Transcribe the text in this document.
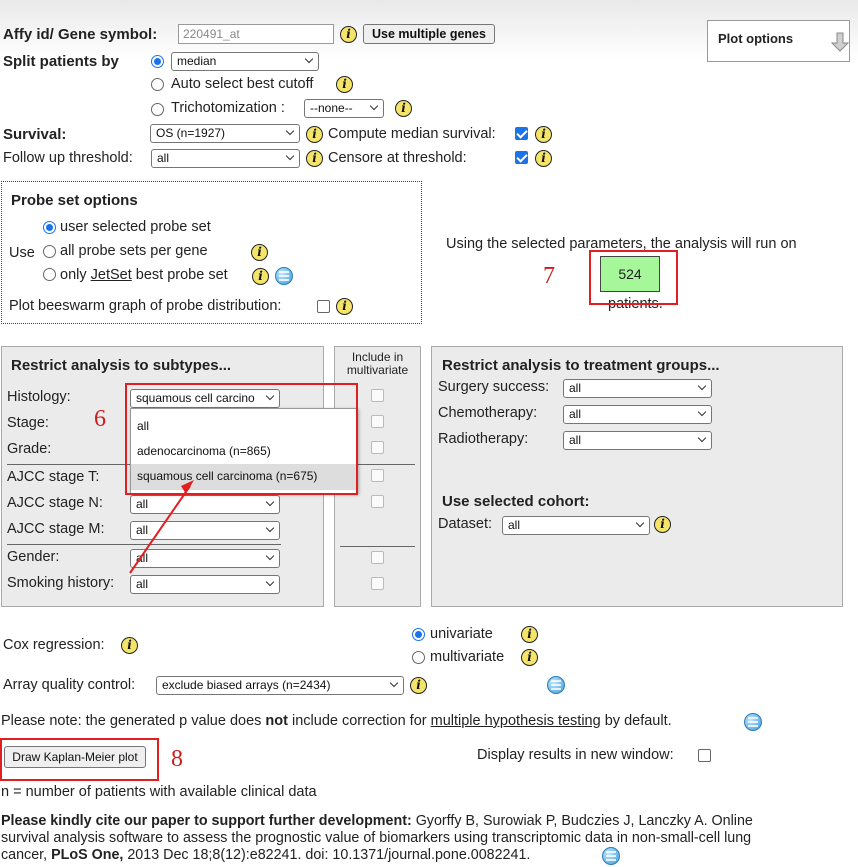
Affy id/ Gene symbol:	220491_at	i	Use multiple genes	Plot options
Split patients by	median
Auto select best cutoff	i
Trichotomization :	--none--	i
Survival:	OS (n=1927)	i Compute median survival:	i
Follow up threshold:	all	i Censore at threshold:	i
Probe set options
Use
user selected probe set
all probe sets per gene	i
only JetSet best probe set	i
Plot beeswarm graph of probe distribution:	i
Using the selected parameters, the analysis will run on
524
patients.
7
Restrict analysis to subtypes...
Histology:	squamous cell carcino
Stage:
Grade:
AJCC stage T:
AJCC stage N:	all
AJCC stage M:	all
Gender:	all
Smoking history:	all
Include in
multivariate
all
adenocarcinoma (n=865)
squamous cell carcinoma (n=675)
6
Restrict analysis to treatment groups...
Surgery success:	all
Chemotherapy:	all
Radiotherapy:	all
Use selected cohort:
Dataset:	all	i
Cox regression:	i
univariate	i
multivariate	i
Array quality control:	exclude biased arrays (n=2434)	i
Please note: the generated p value does not include correction for multiple hypothesis testing by default.
Draw Kaplan-Meier plot	8	Display results in new window:
n = number of patients with available clinical data
Please kindly cite our paper to support further development: Gyorffy B, Surowiak P, Budczies J, Lanczky A. Online
survival analysis software to assess the prognostic value of biomarkers using transcriptomic data in non-small-cell lung
cancer, PLoS One, 2013 Dec 18;8(12):e82241. doi: 10.1371/journal.pone.0082241.
